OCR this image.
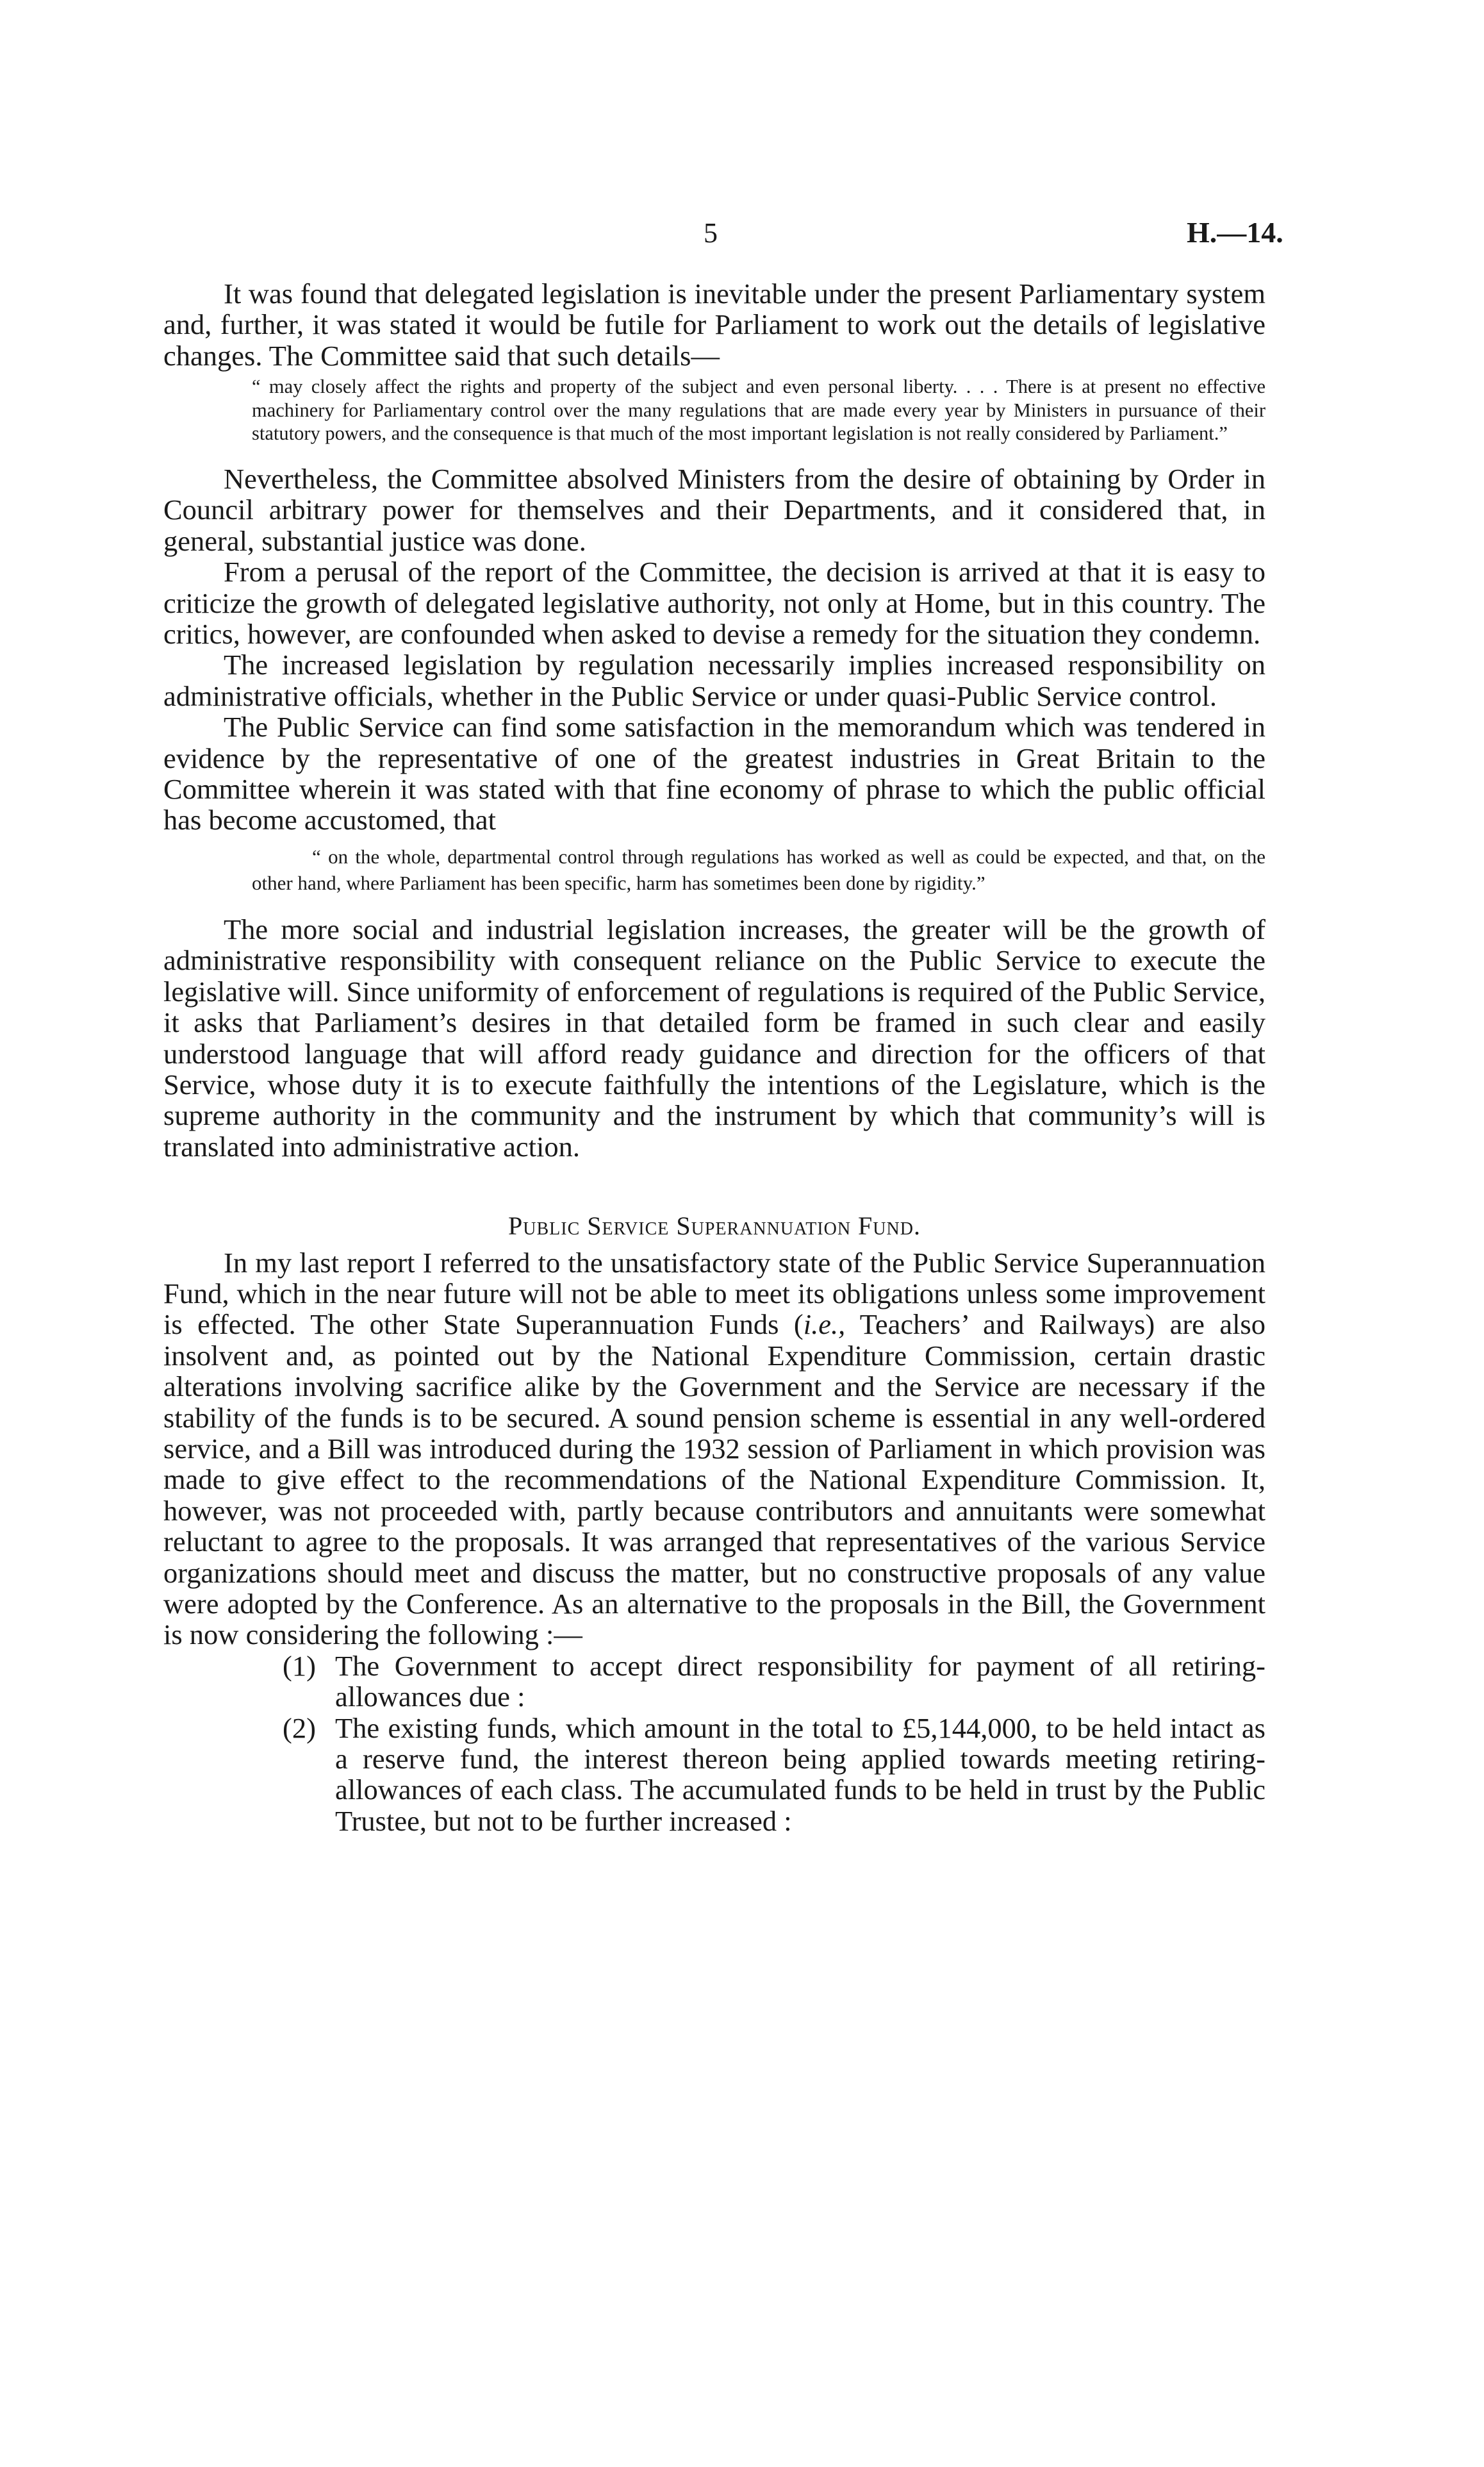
5	H.—14.

It was found that delegated legislation is inevitable under the present Parliamentary system and, further, it was stated it would be futile for Parliament to work out the details of legislative changes. The Committee said that such details—

“ may closely affect the rights and property of the subject and even personal liberty. . . . There is at present no effective machinery for Parliamentary control over the many regulations that are made every year by Ministers in pursuance of their statutory powers, and the consequence is that much of the most important legislation is not really considered by Parliament.”

Nevertheless, the Committee absolved Ministers from the desire of obtaining by Order in Council arbitrary power for themselves and their Departments, and it considered that, in general, substantial justice was done.

From a perusal of the report of the Committee, the decision is arrived at that it is easy to criticize the growth of delegated legislative authority, not only at Home, but in this country. The critics, however, are confounded when asked to devise a remedy for the situation they condemn.

The increased legislation by regulation necessarily implies increased responsibility on administrative officials, whether in the Public Service or under quasi-Public Service control.

The Public Service can find some satisfaction in the memorandum which was tendered in evidence by the representative of one of the greatest industries in Great Britain to the Committee wherein it was stated with that fine economy of phrase to which the public official has become accustomed, that

“ on the whole, departmental control through regulations has worked as well as could be expected, and that, on the other hand, where Parliament has been specific, harm has sometimes been done by rigidity.”

The more social and industrial legislation increases, the greater will be the growth of administrative responsibility with consequent reliance on the Public Service to execute the legislative will. Since uniformity of enforcement of regulations is required of the Public Service, it asks that Parliament’s desires in that detailed form be framed in such clear and easily understood language that will afford ready guidance and direction for the officers of that Service, whose duty it is to execute faithfully the intentions of the Legislature, which is the supreme authority in the community and the instrument by which that community’s will is translated into administrative action.

Public Service Superannuation Fund.

In my last report I referred to the unsatisfactory state of the Public Service Superannuation Fund, which in the near future will not be able to meet its obligations unless some improvement is effected. The other State Superannuation Funds (i.e., Teachers’ and Railways) are also insolvent and, as pointed out by the National Expenditure Commission, certain drastic alterations involving sacrifice alike by the Government and the Service are necessary if the stability of the funds is to be secured. A sound pension scheme is essential in any well-ordered service, and a Bill was introduced during the 1932 session of Parliament in which provision was made to give effect to the recommendations of the National Expenditure Commission. It, however, was not proceeded with, partly because contributors and annuitants were somewhat reluctant to agree to the proposals. It was arranged that representatives of the various Service organizations should meet and discuss the matter, but no constructive proposals of any value were adopted by the Conference. As an alternative to the proposals in the Bill, the Government is now considering the following :—

(1) The Government to accept direct responsibility for payment of all retiring-allowances due :
(2) The existing funds, which amount in the total to £5,144,000, to be held intact as a reserve fund, the interest thereon being applied towards meeting retiring-allowances of each class. The accumulated funds to be held in trust by the Public Trustee, but not to be further increased :
